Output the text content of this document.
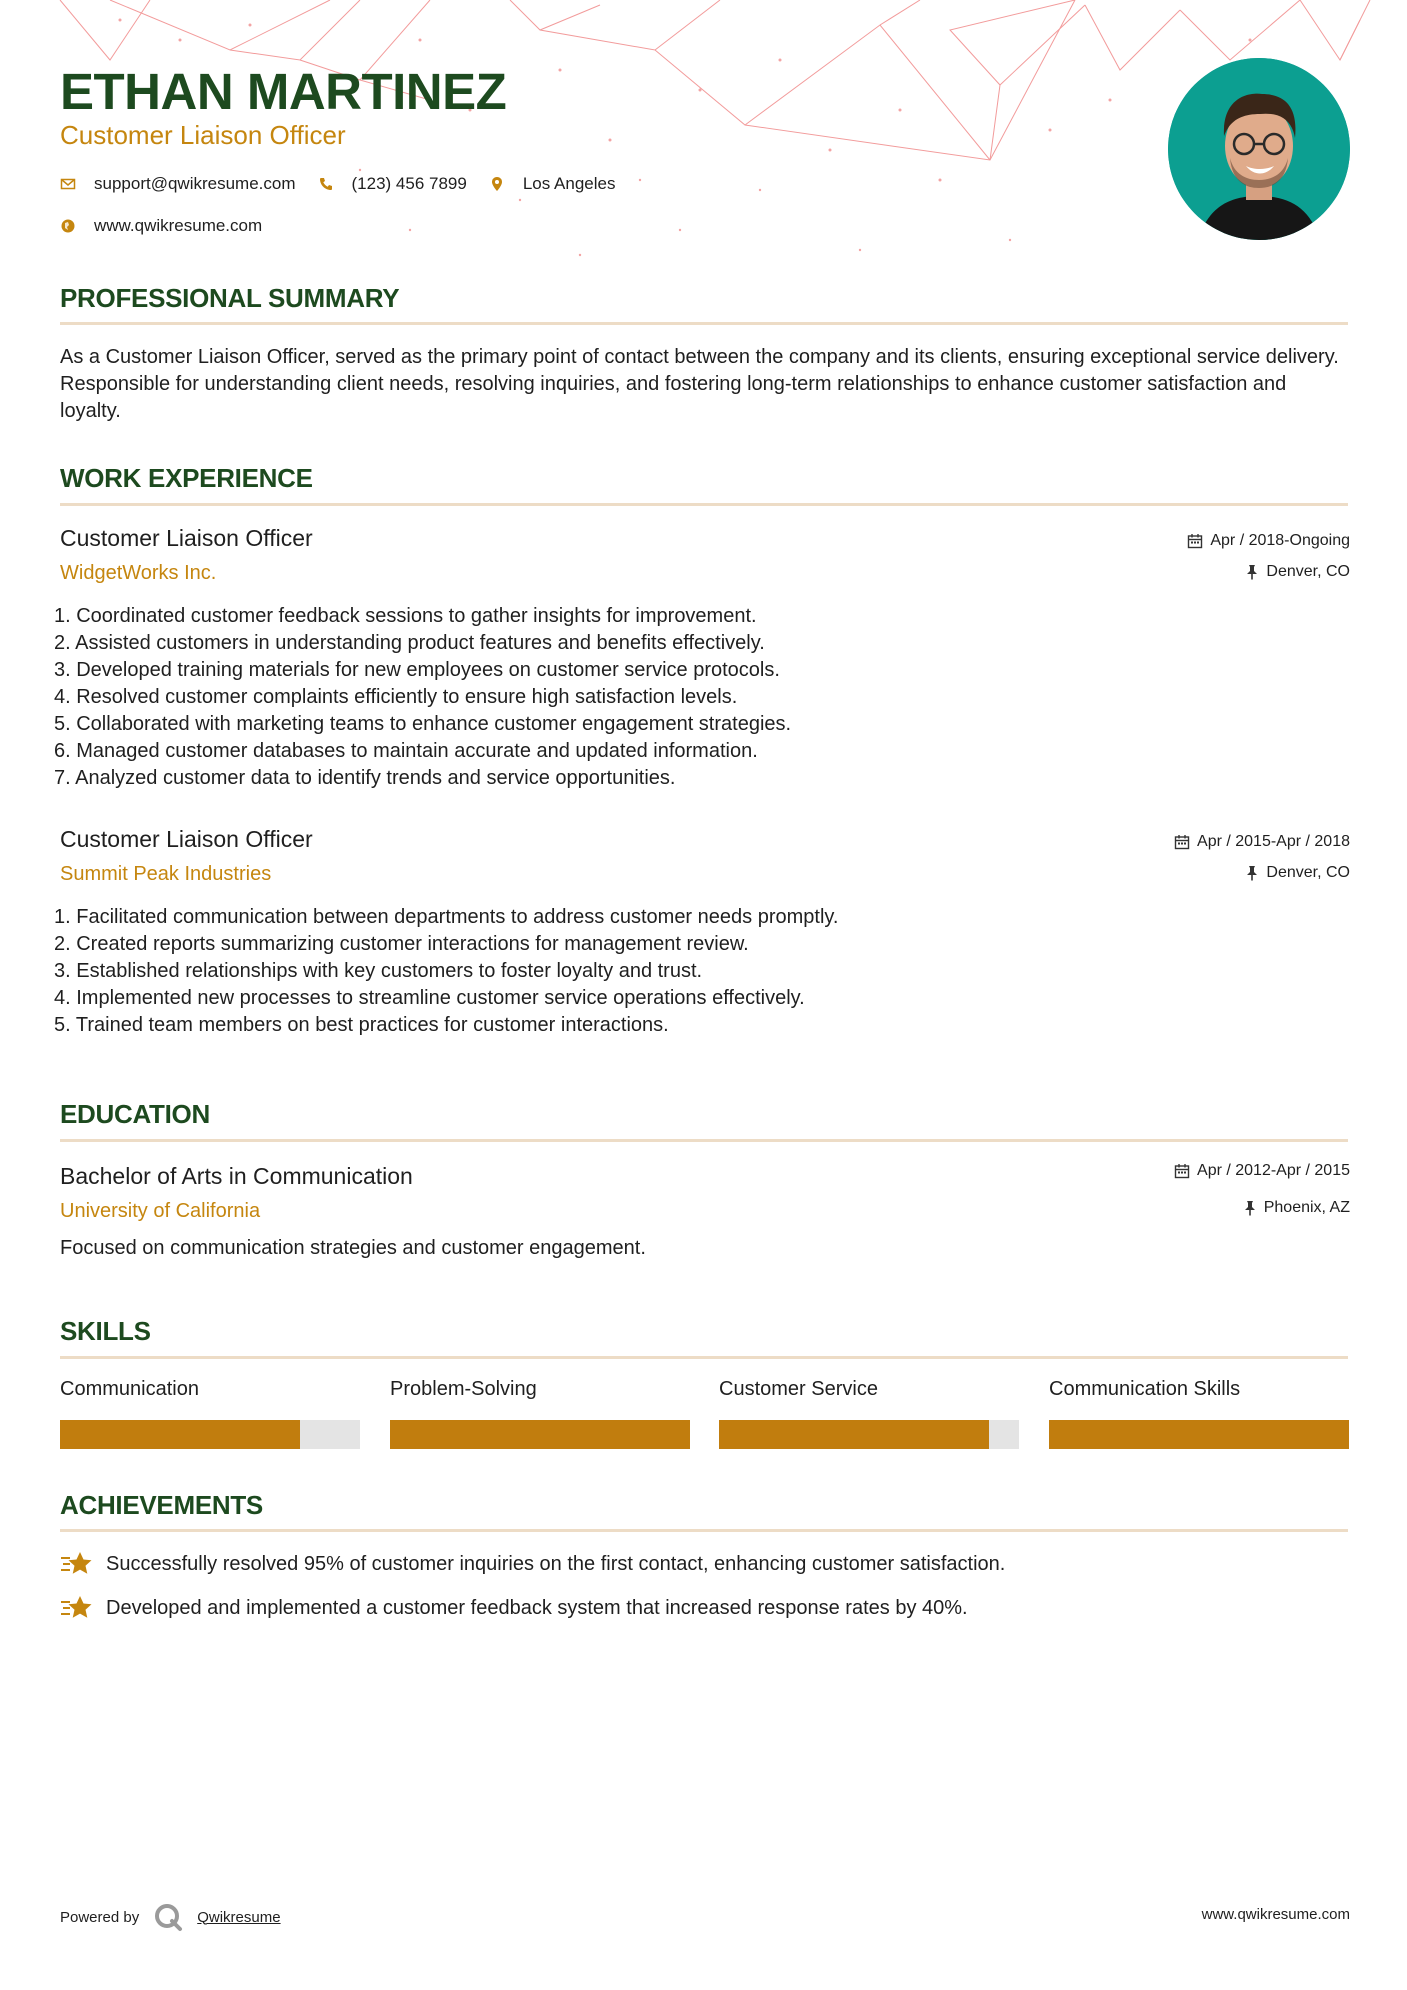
ETHAN MARTINEZ
Customer Liaison Officer
support@qwikresume.com	(123) 456 7899	Los Angeles
www.qwikresume.com
PROFESSIONAL SUMMARY
As a Customer Liaison Officer, served as the primary point of contact between the company and its clients, ensuring exceptional service delivery. Responsible for understanding client needs, resolving inquiries, and fostering long-term relationships to enhance customer satisfaction and loyalty.
WORK EXPERIENCE
Customer Liaison Officer
WidgetWorks Inc.
Apr / 2018-Ongoing
Denver, CO
1. Coordinated customer feedback sessions to gather insights for improvement.
2. Assisted customers in understanding product features and benefits effectively.
3. Developed training materials for new employees on customer service protocols.
4. Resolved customer complaints efficiently to ensure high satisfaction levels.
5. Collaborated with marketing teams to enhance customer engagement strategies.
6. Managed customer databases to maintain accurate and updated information.
7. Analyzed customer data to identify trends and service opportunities.
Customer Liaison Officer
Summit Peak Industries
Apr / 2015-Apr / 2018
Denver, CO
1. Facilitated communication between departments to address customer needs promptly.
2. Created reports summarizing customer interactions for management review.
3. Established relationships with key customers to foster loyalty and trust.
4. Implemented new processes to streamline customer service operations effectively.
5. Trained team members on best practices for customer interactions.
EDUCATION
Bachelor of Arts in Communication
University of California
Apr / 2012-Apr / 2015
Phoenix, AZ
Focused on communication strategies and customer engagement.
SKILLS
Communication	Problem-Solving	Customer Service	Communication Skills
ACHIEVEMENTS
Successfully resolved 95% of customer inquiries on the first contact, enhancing customer satisfaction.
Developed and implemented a customer feedback system that increased response rates by 40%.
Powered by	Qwikresume	www.qwikresume.com
